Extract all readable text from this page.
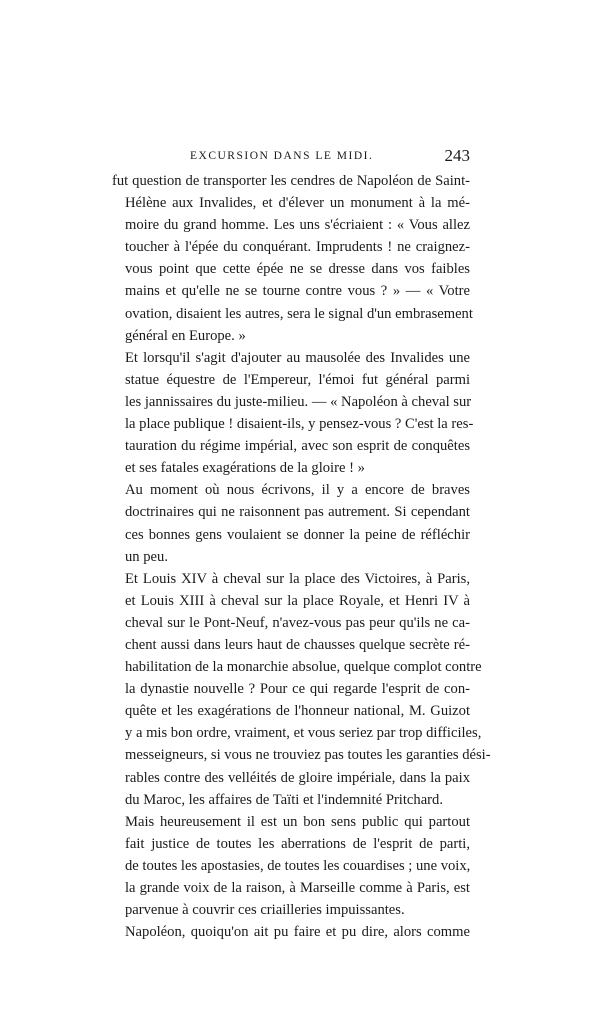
EXCURSION DANS LE MIDI.	243
fut question de transporter les cendres de Napoléon de Saint-
Hélène aux Invalides, et d'élever un monument à la mé-
moire du grand homme. Les uns s'écriaient : « Vous allez
toucher à l'épée du conquérant. Imprudents ! ne craignez-
vous point que cette épée ne se dresse dans vos faibles
mains et qu'elle ne se tourne contre vous ? » — « Votre
ovation, disaient les autres, sera le signal d'un embrasement
général en Europe. »
Et lorsqu'il s'agit d'ajouter au mausolée des Invalides une
statue équestre de l'Empereur, l'émoi fut général parmi
les jannissaires du juste-milieu. — « Napoléon à cheval sur
la place publique ! disaient-ils, y pensez-vous ? C'est la res-
tauration du régime impérial, avec son esprit de conquêtes
et ses fatales exagérations de la gloire ! »
Au moment où nous écrivons, il y a encore de braves
doctrinaires qui ne raisonnent pas autrement. Si cependant
ces bonnes gens voulaient se donner la peine de réfléchir
un peu.
Et Louis XIV à cheval sur la place des Victoires, à Paris,
et Louis XIII à cheval sur la place Royale, et Henri IV à
cheval sur le Pont-Neuf, n'avez-vous pas peur qu'ils ne ca-
chent aussi dans leurs haut de chausses quelque secrète ré-
habilitation de la monarchie absolue, quelque complot contre
la dynastie nouvelle ? Pour ce qui regarde l'esprit de con-
quête et les exagérations de l'honneur national, M. Guizot
y a mis bon ordre, vraiment, et vous seriez par trop difficiles,
messeigneurs, si vous ne trouviez pas toutes les garanties dési-
rables contre des velléités de gloire impériale, dans la paix
du Maroc, les affaires de Taïti et l'indemnité Pritchard.
Mais heureusement il est un bon sens public qui partout
fait justice de toutes les aberrations de l'esprit de parti,
de toutes les apostasies, de toutes les couardises ; une voix,
la grande voix de la raison, à Marseille comme à Paris, est
parvenue à couvrir ces criailleries impuissantes.
Napoléon, quoiqu'on ait pu faire et pu dire, alors comme
